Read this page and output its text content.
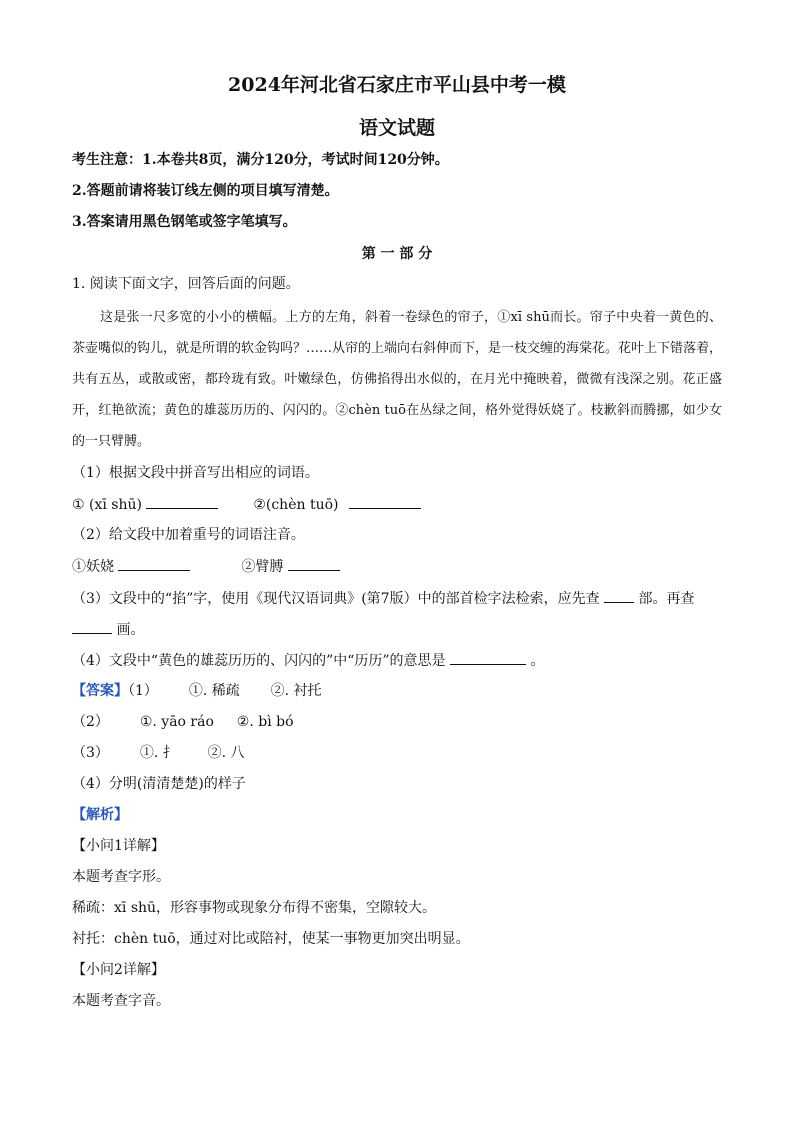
2024年河北省石家庄市平山县中考一模
语文试题
考生注意：1.本卷共8页，满分120分，考试时间120分钟。
2.答题前请将装订线左侧的项目填写清楚。
3.答案请用黑色钢笔或签字笔填写。
第 一 部 分
1. 阅读下面文字，回答后面的问题。
这是张一尺多宽的小小的横幅。上方的左角，斜着一卷绿色的帘子，①xī shū而长。帘子中央着一黄色的、茶壶嘴似的钩儿，就是所谓的软金钩吗？……从帘的上端向右斜伸而下，是一枝交缠的海棠花。花叶上下错落着，共有五丛，或散或密，都玲珑有致。叶嫩绿色，仿佛掐得出水似的，在月光中掩映着，微微有浅深之别。花正盛开，红艳欲流；黄色的雄蕊历历的、闪闪的。②chèn tuō在丛绿之间，格外觉得妖娆了。枝歉斜而腾挪，如少女的一只臂膊。
（1）根据文段中拼音写出相应的词语。
① (xī shū)	②(chèn tuō)
（2）给文段中加着重号的词语注音。
①妖娆	②臂膊
（3）文段中的“掐”字，使用《现代汉语词典》(第7版）中的部首检字法检索，应先查	部。再查
画。
（4）文段中“黄色的雄蕊历历的、闪闪的”中“历历”的意思是	。
【答案】（1） ①. 稀疏 ②. 衬托
（2） ①. yāo ráo ②. bì bó
（3） ①. 扌 ②. 八
（4）分明(清清楚楚)的样子
【解析】
【小问1详解】
本题考查字形。
稀疏：xī shū，形容事物或现象分布得不密集，空隙较大。
衬托：chèn tuō，通过对比或陪衬，使某一事物更加突出明显。
【小问2详解】
本题考查字音。
